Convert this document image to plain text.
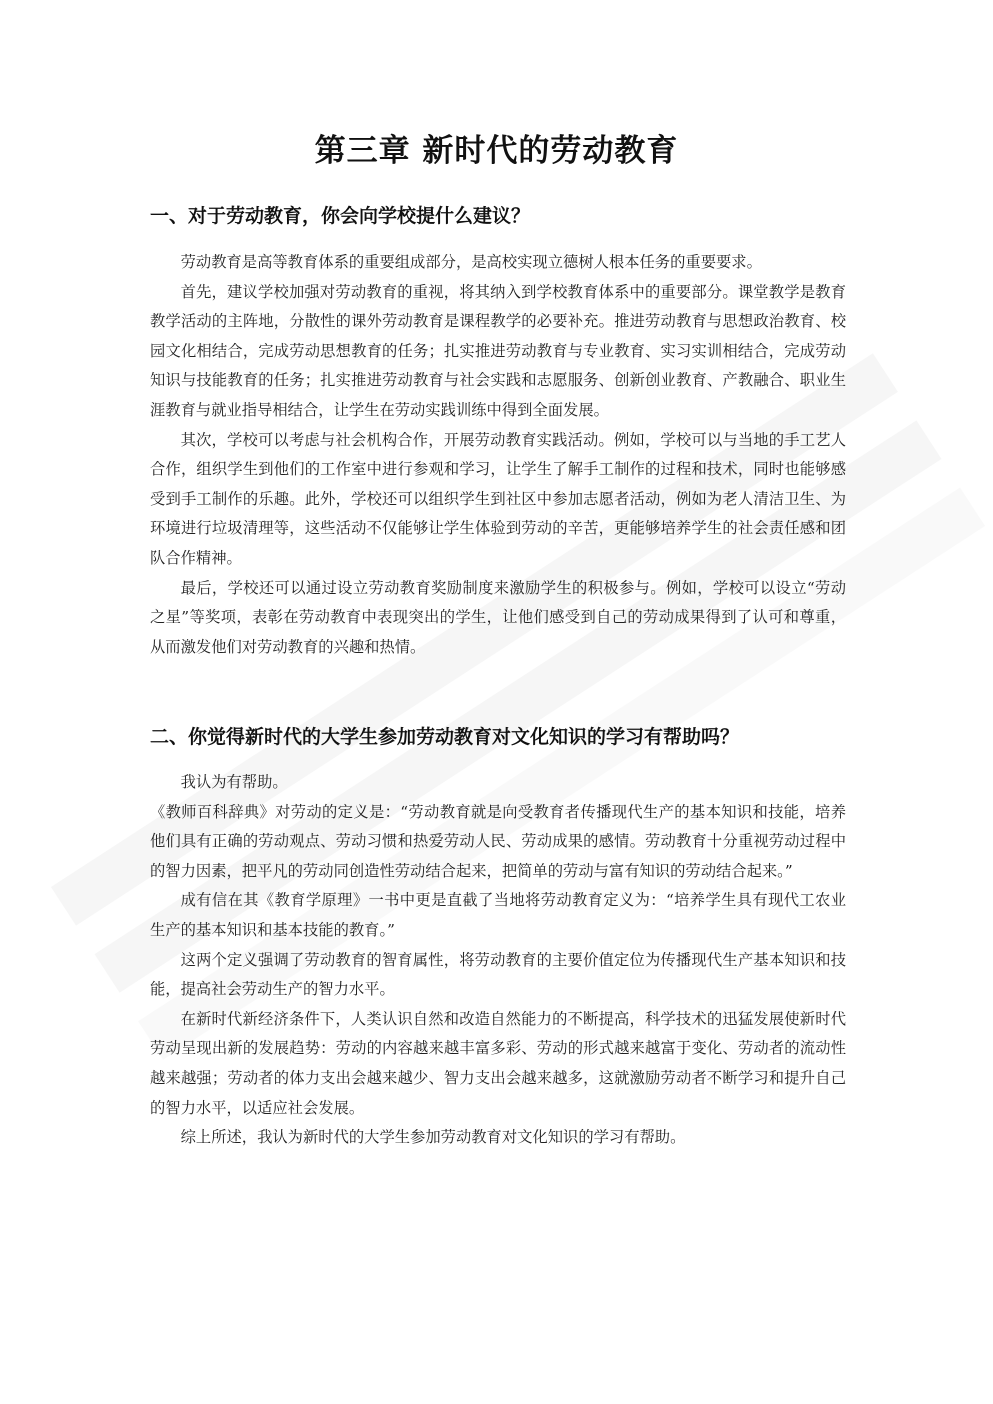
第三章 新时代的劳动教育
一、对于劳动教育，你会向学校提什么建议？

劳动教育是高等教育体系的重要组成部分，是高校实现立德树人根本任务的重要要求。

首先，建议学校加强对劳动教育的重视，将其纳入到学校教育体系中的重要部分。课堂教学是教育教学活动的主阵地，分散性的课外劳动教育是课程教学的必要补充。推进劳动教育与思想政治教育、校园文化相结合，完成劳动思想教育的任务；扎实推进劳动教育与专业教育、实习实训相结合，完成劳动知识与技能教育的任务；扎实推进劳动教育与社会实践和志愿服务、创新创业教育、产教融合、职业生涯教育与就业指导相结合，让学生在劳动实践训练中得到全面发展。

其次，学校可以考虑与社会机构合作，开展劳动教育实践活动。例如，学校可以与当地的手工艺人合作，组织学生到他们的工作室中进行参观和学习，让学生了解手工制作的过程和技术，同时也能够感受到手工制作的乐趣。此外，学校还可以组织学生到社区中参加志愿者活动，例如为老人清洁卫生、为环境进行垃圾清理等，这些活动不仅能够让学生体验到劳动的辛苦，更能够培养学生的社会责任感和团队合作精神。

最后，学校还可以通过设立劳动教育奖励制度来激励学生的积极参与。例如，学校可以设立“劳动之星”等奖项，表彰在劳动教育中表现突出的学生，让他们感受到自己的劳动成果得到了认可和尊重，从而激发他们对劳动教育的兴趣和热情。

二、你觉得新时代的大学生参加劳动教育对文化知识的学习有帮助吗？

我认为有帮助。

《教师百科辞典》对劳动的定义是：“劳动教育就是向受教育者传播现代生产的基本知识和技能，培养他们具有正确的劳动观点、劳动习惯和热爱劳动人民、劳动成果的感情。劳动教育十分重视劳动过程中的智力因素，把平凡的劳动同创造性劳动结合起来，把简单的劳动与富有知识的劳动结合起来。”

成有信在其《教育学原理》一书中更是直截了当地将劳动教育定义为：“培养学生具有现代工农业生产的基本知识和基本技能的教育。”

这两个定义强调了劳动教育的智育属性，将劳动教育的主要价值定位为传播现代生产基本知识和技能，提高社会劳动生产的智力水平。

在新时代新经济条件下，人类认识自然和改造自然能力的不断提高，科学技术的迅猛发展使新时代劳动呈现出新的发展趋势：劳动的内容越来越丰富多彩、劳动的形式越来越富于变化、劳动者的流动性越来越强；劳动者的体力支出会越来越少、智力支出会越来越多，这就激励劳动者不断学习和提升自己的智力水平，以适应社会发展。

综上所述，我认为新时代的大学生参加劳动教育对文化知识的学习有帮助。
